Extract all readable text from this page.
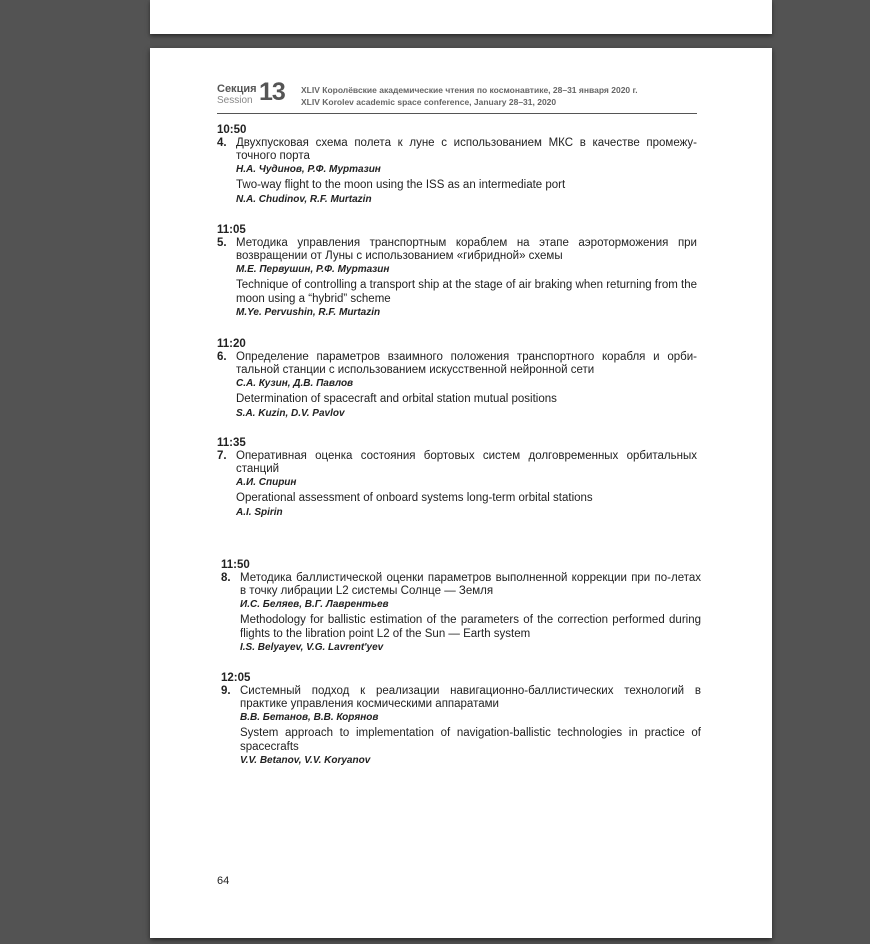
Секция
Session 13 XLIV Королёвские академические чтения по космонавтике, 28–31 января 2020 г.
XLIV Korolev academic space conference, January 28–31, 2020
10:50
4. Двухпусковая схема полета к луне с использованием МКС в качестве промежу-точного порта
Н.А. Чудинов, Р.Ф. Муртазин
Two-way flight to the moon using the ISS as an intermediate port
N.A. Chudinov, R.F. Murtazin
11:05
5. Методика управления транспортным кораблем на этапе аэроторможения при возвращении от Луны с использованием «гибридной» схемы
М.Е. Первушин, Р.Ф. Муртазин
Technique of controlling a transport ship at the stage of air braking when returning from the moon using a “hybrid” scheme
M.Ye. Pervushin, R.F. Murtazin
11:20
6. Определение параметров взаимного положения транспортного корабля и орби-тальной станции с использованием искусственной нейронной сети
С.А. Кузин, Д.В. Павлов
Determination of spacecraft and orbital station mutual positions
S.A. Kuzin, D.V. Pavlov
11:35
7. Оперативная оценка состояния бортовых систем долговременных орбитальных станций
А.И. Спирин
Operational assessment of onboard systems long-term orbital stations
A.I. Spirin
11:50
8. Методика баллистической оценки параметров выполненной коррекции при по-летах в точку либрации L2 системы Солнце — Земля
И.С. Беляев, В.Г. Лаврентьев
Methodology for ballistic estimation of the parameters of the correction performed during flights to the libration point L2 of the Sun — Earth system
I.S. Belyayev, V.G. Lavrent'yev
12:05
9. Системный подход к реализации навигационно-баллистических технологий в практике управления космическими аппаратами
В.В. Бетанов, В.В. Корянов
System approach to implementation of navigation-ballistic technologies in practice of spacecrafts
V.V. Betanov, V.V. Koryanov
64
